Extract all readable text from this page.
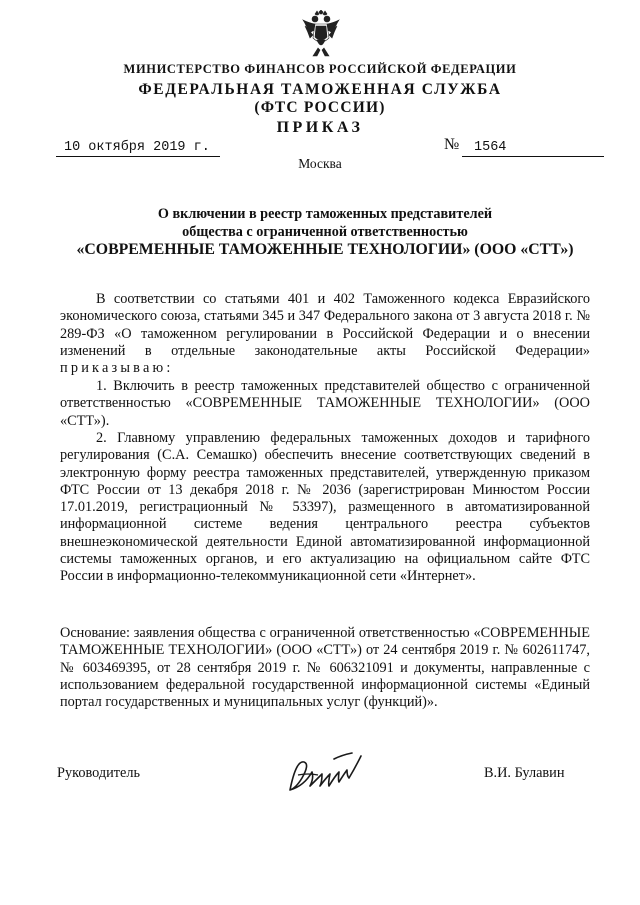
МИНИСТЕРСТВО ФИНАНСОВ РОССИЙСКОЙ ФЕДЕРАЦИИ
ФЕДЕРАЛЬНАЯ ТАМОЖЕННАЯ СЛУЖБА
(ФТС РОССИИ)
ПРИКАЗ
10 октября 2019 г.	№	1564
Москва
О включении в реестр таможенных представителей
общества с ограниченной ответственностью
«СОВРЕМЕННЫЕ ТАМОЖЕННЫЕ ТЕХНОЛОГИИ» (ООО «СТТ»)

В соответствии со статьями 401 и 402 Таможенного кодекса Евразийского экономического союза, статьями 345 и 347 Федерального закона от 3 августа 2018 г. № 289-ФЗ «О таможенном регулировании в Российской Федерации и о внесении изменений в отдельные законодательные акты Российской Федерации» приказываю:

1. Включить в реестр таможенных представителей общество с ограниченной ответственностью «СОВРЕМЕННЫЕ ТАМОЖЕННЫЕ ТЕХНОЛОГИИ» (ООО «СТТ»).

2. Главному управлению федеральных таможенных доходов и тарифного регулирования (С.А. Семашко) обеспечить внесение соответствующих сведений в электронную форму реестра таможенных представителей, утвержденную приказом ФТС России от 13 декабря 2018 г. № 2036 (зарегистрирован Минюстом России 17.01.2019, регистрационный № 53397), размещенного в автоматизированной информационной системе ведения центрального реестра субъектов внешнеэкономической деятельности Единой автоматизированной информационной системы таможенных органов, и его актуализацию на официальном сайте ФТС России в информационно-телекоммуникационной сети «Интернет».

Основание: заявления общества с ограниченной ответственностью «СОВРЕМЕННЫЕ ТАМОЖЕННЫЕ ТЕХНОЛОГИИ» (ООО «СТТ») от 24 сентября 2019 г. № 602611747, № 603469395, от 28 сентября 2019 г. № 606321091 и документы, направленные с использованием федеральной государственной информационной системы «Единый портал государственных и муниципальных услуг (функций)».

Руководитель	В.И. Булавин
